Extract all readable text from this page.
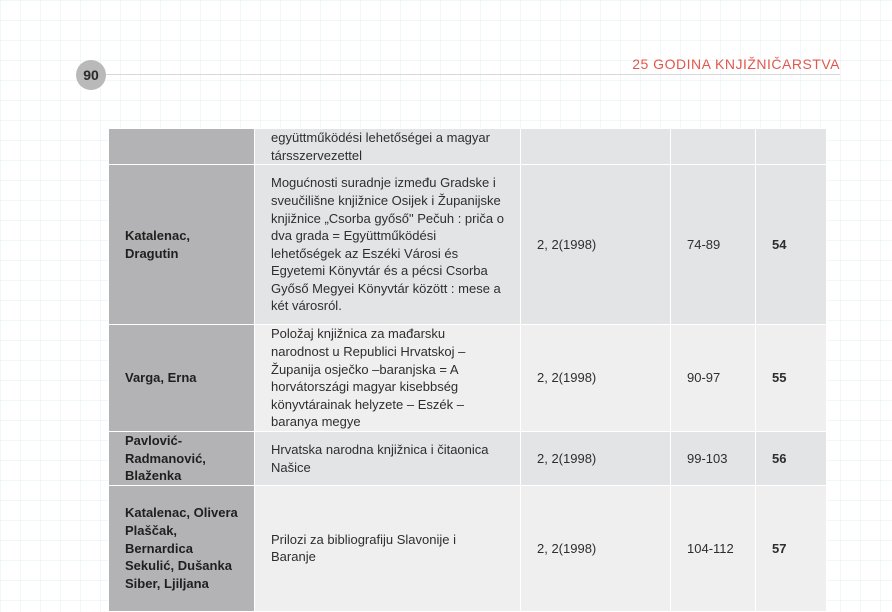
90
25 GODINA KNJIŽNIČARSTVA
	együttműködési lehetőségei a magyar társszervezettel			
Katalenac, Dragutin	Mogućnosti suradnje između Gradske i sveučilišne knjižnice Osijek i Županijske knjižnice „Csorba győső" Pečuh : priča o dva grada = Együttműködési lehetőségek az Eszéki Városi és Egyetemi Könyvtár és a pécsi Csorba Győső Megyei Könyvtár között : mese a két városról.	2, 2(1998)	74-89	54
Varga, Erna	Položaj knjižnica za mađarsku narodnost u Republici Hrvatskoj – Županija osječko –baranjska = A horvátországi magyar kisebbség könyvtárainak helyzete – Eszék – baranya megye	2, 2(1998)	90-97	55
Pavlović-Radmanović, Blaženka	Hrvatska narodna knjižnica i čitaonica Našice	2, 2(1998)	99-103	56
Katalenac, Olivera Plaščak, Bernardica Sekulić, Dušanka Siber, Ljiljana	Prilozi za bibliografiju Slavonije i Baranje	2, 2(1998)	104-112	57
